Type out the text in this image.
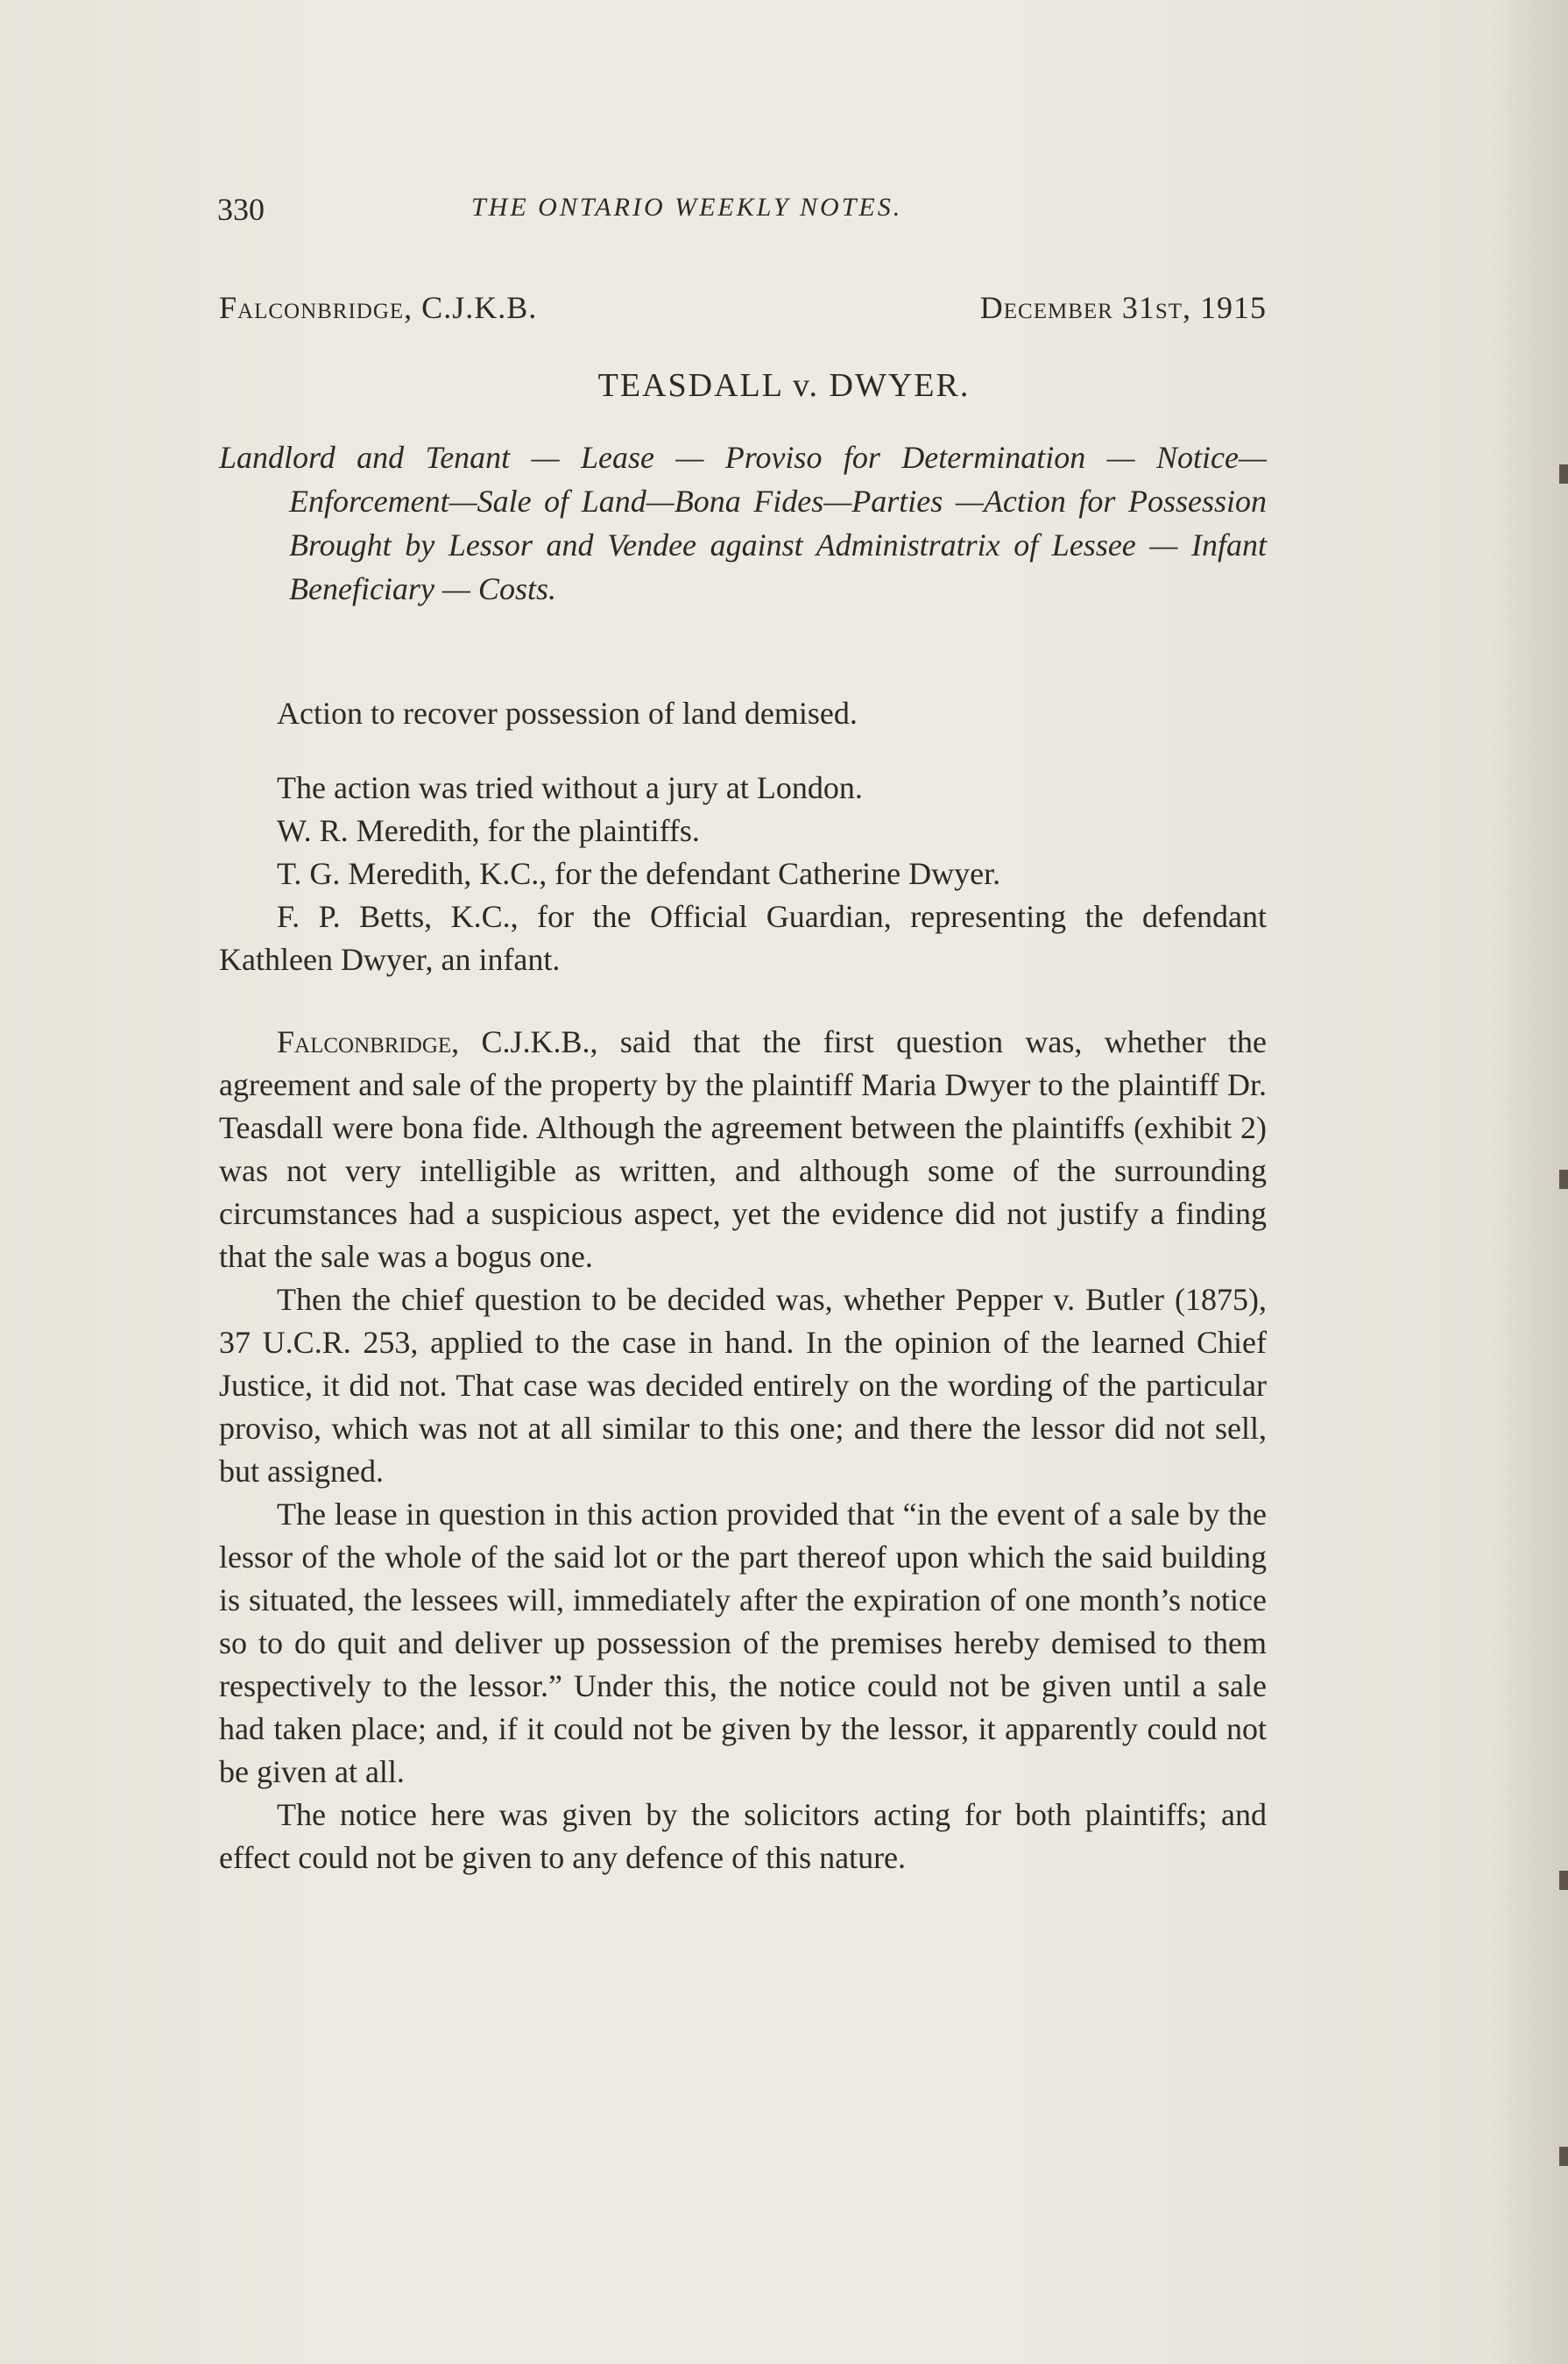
330	THE ONTARIO WEEKLY NOTES.
Falconbridge, C.J.K.B.	December 31st, 1915
TEASDALL v. DWYER.
Landlord and Tenant — Lease — Proviso for Determination — Notice—Enforcement—Sale of Land—Bona Fides—Parties —Action for Possession Brought by Lessor and Vendee against Administratrix of Lessee — Infant Beneficiary — Costs.

Action to recover possession of land demised.

The action was tried without a jury at London.

W. R. Meredith, for the plaintiffs.

T. G. Meredith, K.C., for the defendant Catherine Dwyer.

F. P. Betts, K.C., for the Official Guardian, representing the defendant Kathleen Dwyer, an infant.

Falconbridge, C.J.K.B., said that the first question was, whether the agreement and sale of the property by the plaintiff Maria Dwyer to the plaintiff Dr. Teasdall were bona fide. Although the agreement between the plaintiffs (exhibit 2) was not very intelligible as written, and although some of the surrounding circumstances had a suspicious aspect, yet the evidence did not justify a finding that the sale was a bogus one.

Then the chief question to be decided was, whether Pepper v. Butler (1875), 37 U.C.R. 253, applied to the case in hand. In the opinion of the learned Chief Justice, it did not. That case was decided entirely on the wording of the particular proviso, which was not at all similar to this one; and there the lessor did not sell, but assigned.

The lease in question in this action provided that “in the event of a sale by the lessor of the whole of the said lot or the part thereof upon which the said building is situated, the lessees will, immediately after the expiration of one month’s notice so to do quit and deliver up possession of the premises hereby demised to them respectively to the lessor.” Under this, the notice could not be given until a sale had taken place; and, if it could not be given by the lessor, it apparently could not be given at all.

The notice here was given by the solicitors acting for both plaintiffs; and effect could not be given to any defence of this nature.
